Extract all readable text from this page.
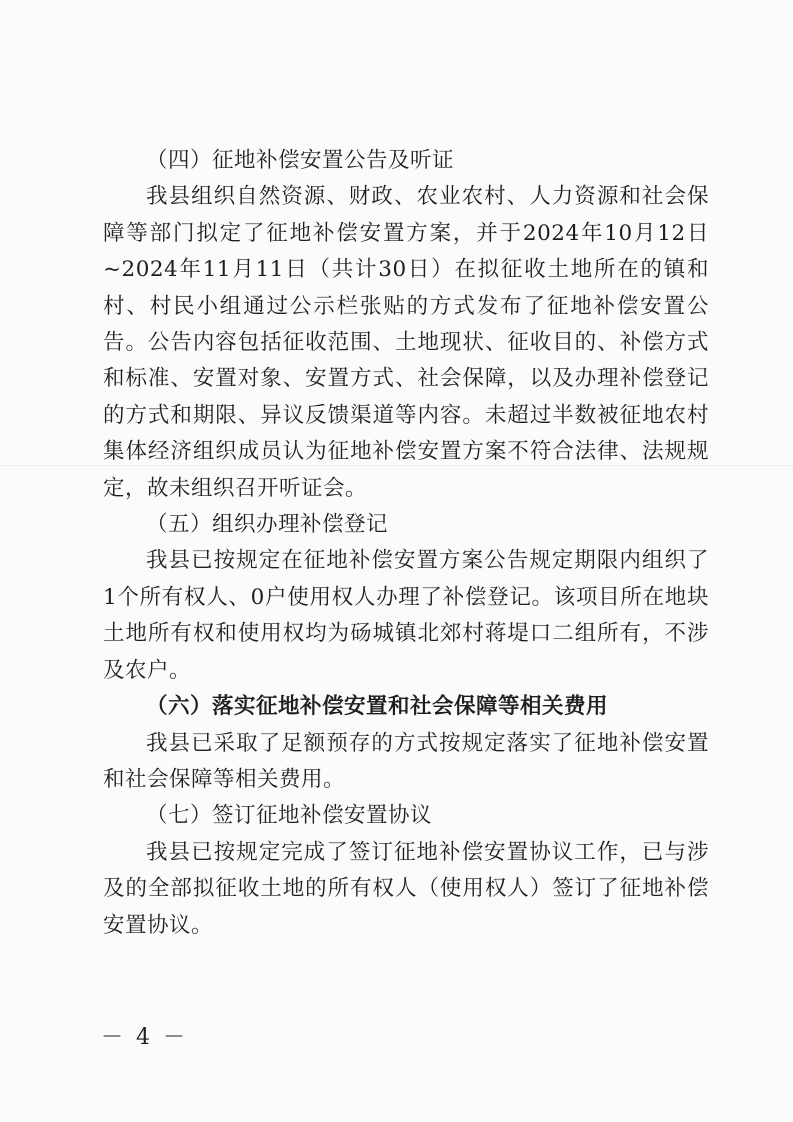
（四）征地补偿安置公告及听证

我县组织自然资源、财政、农业农村、人力资源和社会保障等部门拟定了征地补偿安置方案，并于2024年10月12日~2024年11月11日（共计30日）在拟征收土地所在的镇和村、村民小组通过公示栏张贴的方式发布了征地补偿安置公告。公告内容包括征收范围、土地现状、征收目的、补偿方式和标准、安置对象、安置方式、社会保障，以及办理补偿登记的方式和期限、异议反馈渠道等内容。未超过半数被征地农村集体经济组织成员认为征地补偿安置方案不符合法律、法规规定，故未组织召开听证会。

（五）组织办理补偿登记

我县已按规定在征地补偿安置方案公告规定期限内组织了1个所有权人、0户使用权人办理了补偿登记。该项目所在地块土地所有权和使用权均为砀城镇北郊村蒋堤口二组所有，不涉及农户。

（六）落实征地补偿安置和社会保障等相关费用

我县已采取了足额预存的方式按规定落实了征地补偿安置和社会保障等相关费用。

（七）签订征地补偿安置协议

我县已按规定完成了签订征地补偿安置协议工作，已与涉及的全部拟征收土地的所有权人（使用权人）签订了征地补偿安置协议。

－ 4 －
